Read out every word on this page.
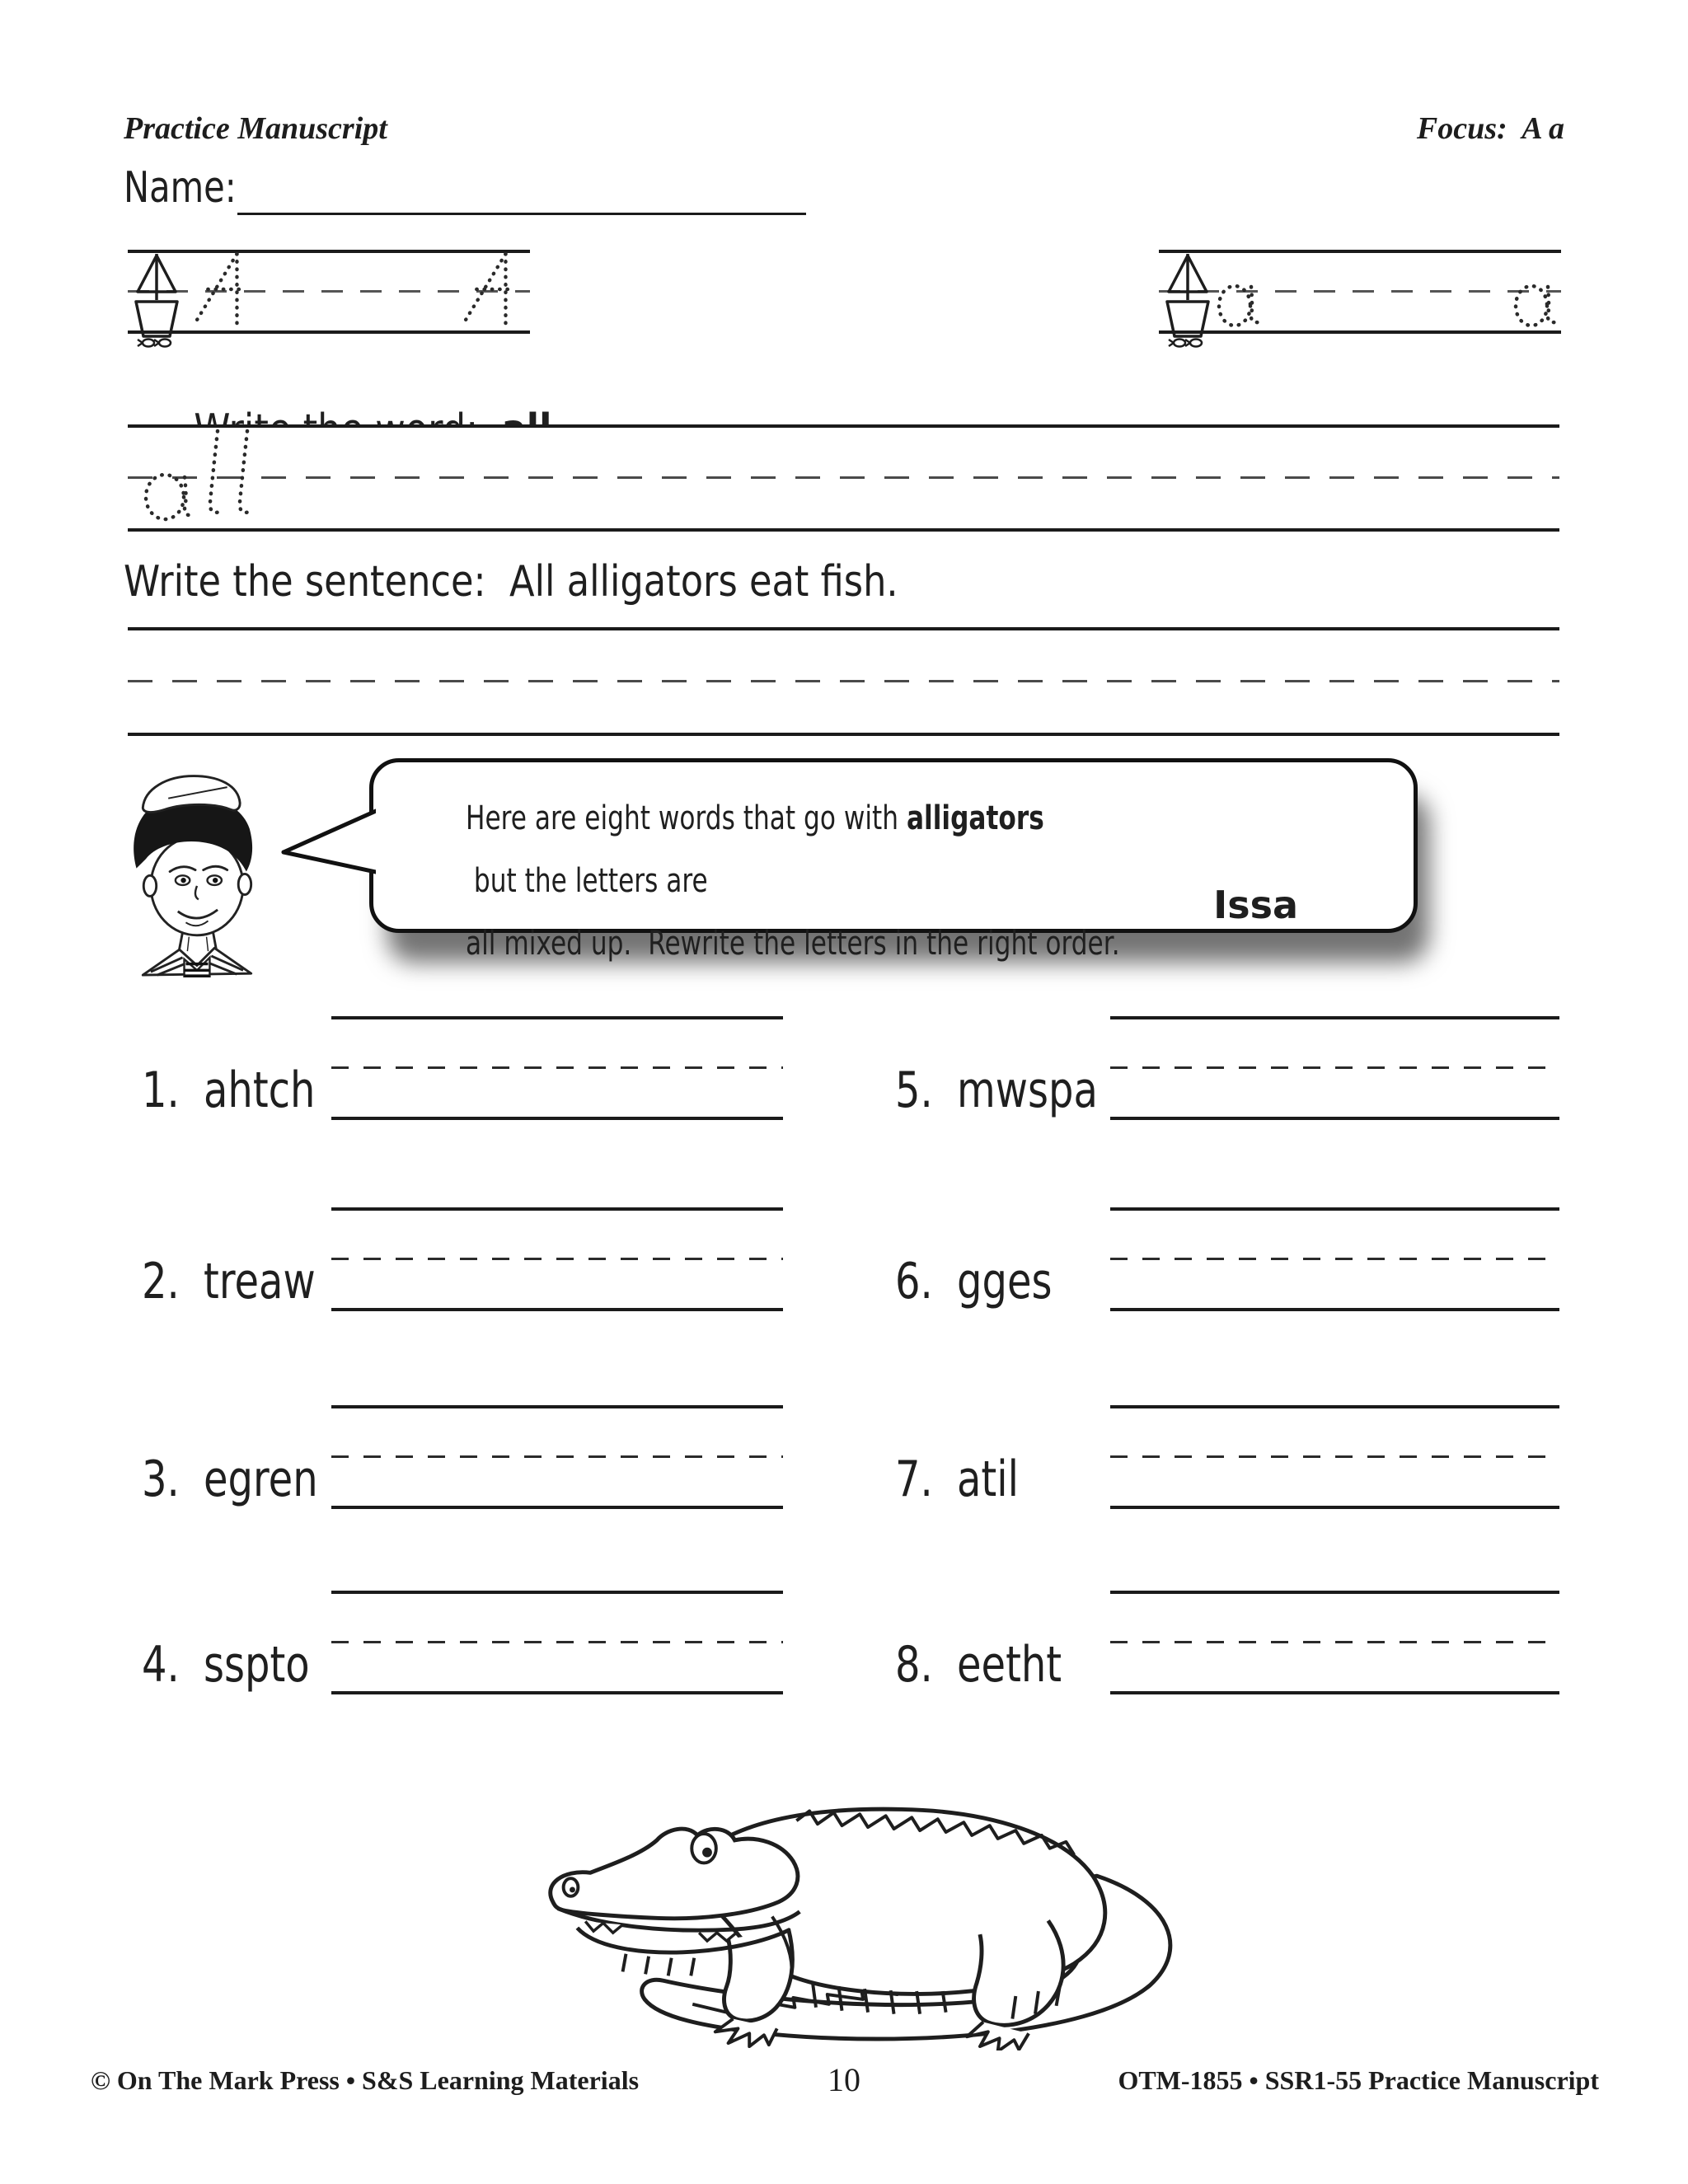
Practice Manuscript	Focus:  A a
Name:

Write the sentence:  All alligators eat fish.
Here are eight words that go with alligators but the letters are
all mixed up.  Rewrite the letters in the right order.
Issa
1. ahtch
2. treaw
3. egren
4. sspto
5. mwspa
6. gges
7. atil
8. eetht
© On The Mark Press • S&S Learning Materials	10	OTM-1855 • SSR1-55 Practice Manuscript
